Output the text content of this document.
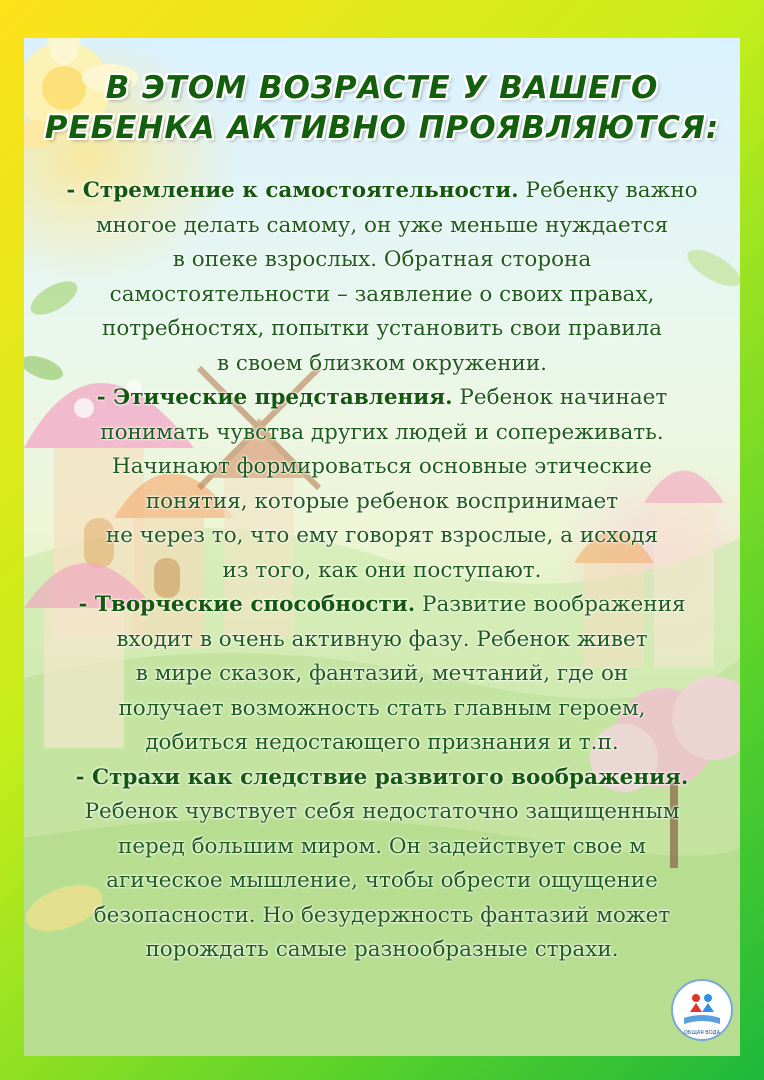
В ЭТОМ ВОЗРАСТЕ У ВАШЕГО
РЕБЕНКА АКТИВНО ПРОЯВЛЯЮТСЯ:
- Стремление к самостоятельности. Ребенку важно
многое делать самому, он уже меньше нуждается
в опеке взрослых. Обратная сторона
самостоятельности – заявление о своих правах,
потребностях, попытки установить свои правила
в своем близком окружении.
- Этические представления. Ребенок начинает
понимать чувства других людей и сопереживать.
Начинают формироваться основные этические
понятия, которые ребенок воспринимает
не через то, что ему говорят взрослые, а исходя
из того, как они поступают.
- Творческие способности. Развитие воображения
входит в очень активную фазу. Ребенок живет
в мире сказок, фантазий, мечтаний, где он
получает возможность стать главным героем,
добиться недостающего признания и т.п.
- Страхи как следствие развитого воображения.
Ребенок чувствует себя недостаточно защищенным
перед большим миром. Он задействует свое м
агическое мышление, чтобы обрести ощущение
безопасности. Но безудержность фантазий может
порождать самые разнообразные страхи.
ОБЩАЯ ВОДА
